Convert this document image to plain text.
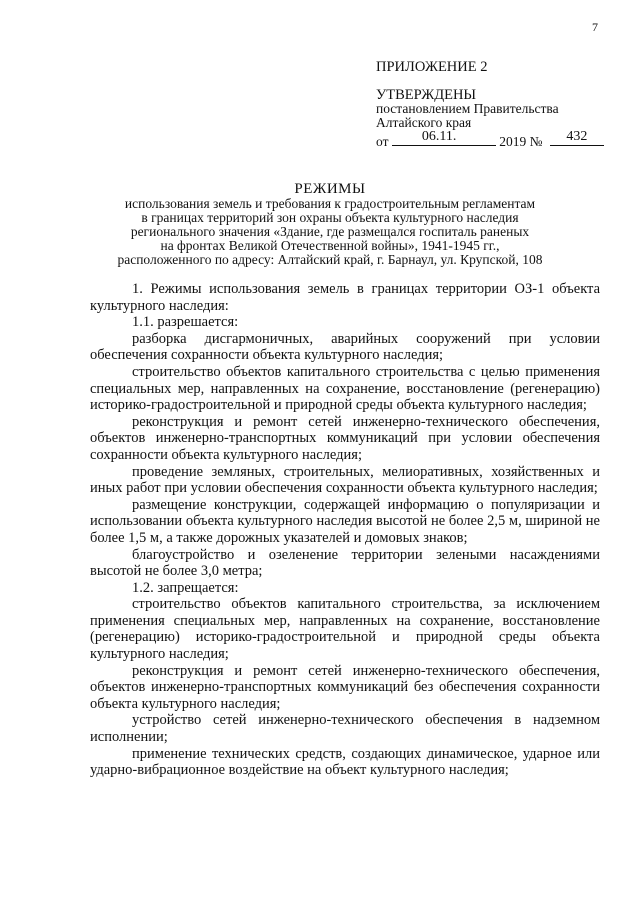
7
ПРИЛОЖЕНИЕ 2
УТВЕРЖДЕНЫ
постановлением Правительства
Алтайского края
от 06.11.	2019 №	432
РЕЖИМЫ
использования земель и требования к градостроительным регламентам
в границах территорий зон охраны объекта культурного наследия
регионального значения «Здание, где размещался госпиталь раненых
на фронтах Великой Отечественной войны», 1941-1945 гг.,
расположенного по адресу: Алтайский край, г. Барнаул, ул. Крупской, 108

1. Режимы использования земель в границах территории ОЗ-1 объекта культурного наследия:

1.1. разрешается:

разборка дисгармоничных, аварийных сооружений при условии обеспечения сохранности объекта культурного наследия;

строительство объектов капитального строительства с целью применения специальных мер, направленных на сохранение, восстановление (регенерацию) историко-градостроительной и природной среды объекта культурного наследия;

реконструкция и ремонт сетей инженерно-технического обеспечения, объектов инженерно-транспортных коммуникаций при условии обеспечения сохранности объекта культурного наследия;

проведение земляных, строительных, мелиоративных, хозяйственных и иных работ при условии обеспечения сохранности объекта культурного наследия;

размещение конструкции, содержащей информацию о популяризации и использовании объекта культурного наследия высотой не более 2,5 м, шириной не более 1,5 м, а также дорожных указателей и домовых знаков;

благоустройство и озеленение территории зелеными насаждениями высотой не более 3,0 метра;

1.2. запрещается:

строительство объектов капитального строительства, за исключением применения специальных мер, направленных на сохранение, восстановление (регенерацию) историко-градостроительной и природной среды объекта культурного наследия;

реконструкция и ремонт сетей инженерно-технического обеспечения, объектов инженерно-транспортных коммуникаций без обеспечения сохранности объекта культурного наследия;

устройство сетей инженерно-технического обеспечения в надземном исполнении;

применение технических средств, создающих динамическое, ударное или ударно-вибрационное воздействие на объект культурного наследия;
